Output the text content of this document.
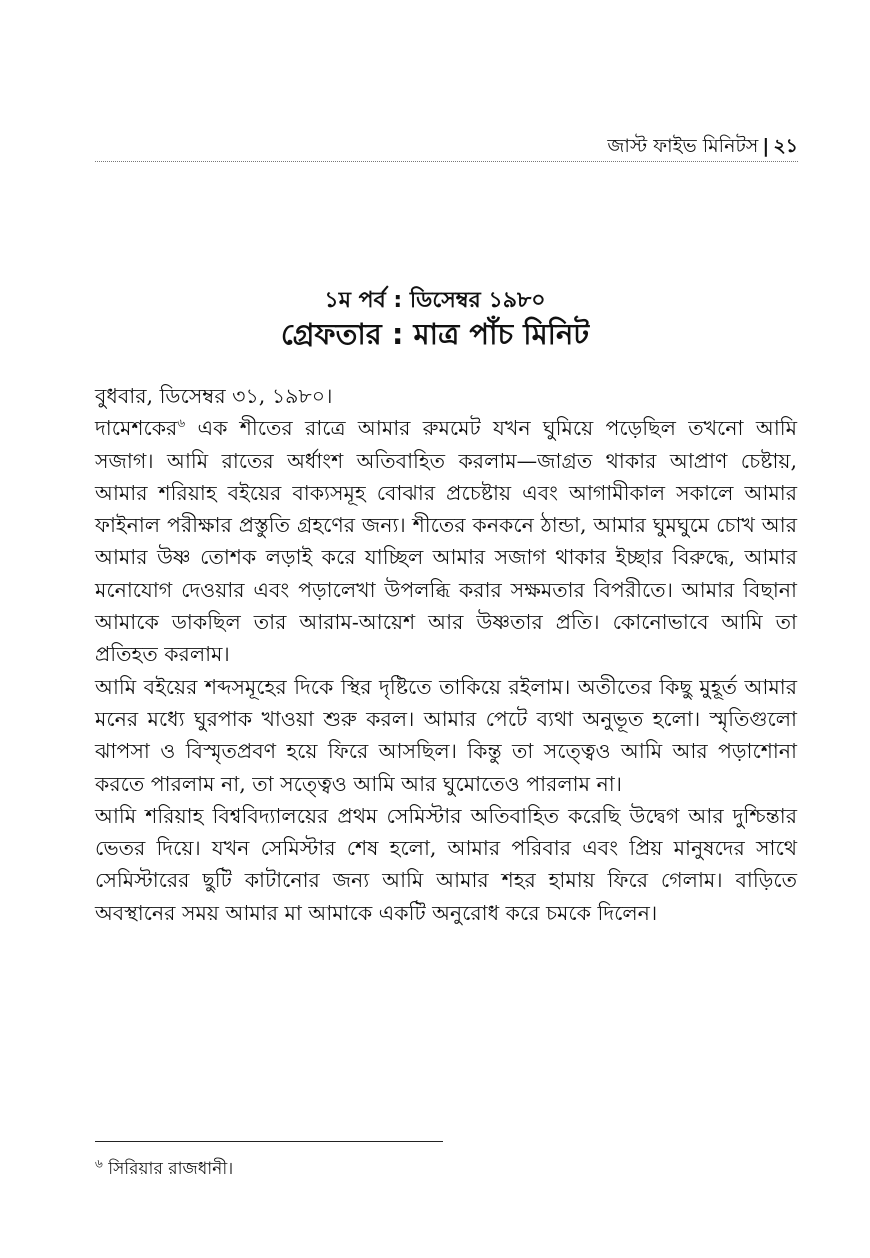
জাস্ট ফাইভ মিনিটস | ২১
১ম পর্ব : ডিসেম্বর ১৯৮০
গ্রেফতার : মাত্র পাঁচ মিনিট

বুধবার, ডিসেম্বর ৩১, ১৯৮০।

দামেশকের$^৬$ এক শীতের রাত্রে আমার রুমমেট যখন ঘুমিয়ে পড়েছিল তখনো আমি সজাগ। আমি রাতের অর্ধাংশ অতিবাহিত করলাম—জাগ্রত থাকার আপ্রাণ চেষ্টায়, আমার শরিয়াহ বইয়ের বাক্যসমূহ বোঝার প্রচেষ্টায় এবং আগামীকাল সকালে আমার ফাইনাল পরীক্ষার প্রস্তুতি গ্রহণের জন্য। শীতের কনকনে ঠান্ডা, আমার ঘুমঘুমে চোখ আর আমার উষ্ণ তোশক লড়াই করে যাচ্ছিল আমার সজাগ থাকার ইচ্ছার বিরুদ্ধে, আমার মনোযোগ দেওয়ার এবং পড়ালেখা উপলব্ধি করার সক্ষমতার বিপরীতে। আমার বিছানা আমাকে ডাকছিল তার আরাম-আয়েশ আর উষ্ণতার প্রতি। কোনোভাবে আমি তা প্রতিহত করলাম।

আমি বইয়ের শব্দসমূহের দিকে স্থির দৃষ্টিতে তাকিয়ে রইলাম। অতীতের কিছু মুহূর্ত আমার মনের মধ্যে ঘুরপাক খাওয়া শুরু করল। আমার পেটে ব্যথা অনুভূত হলো। স্মৃতিগুলো ঝাপসা ও বিস্মৃতপ্রবণ হয়ে ফিরে আসছিল। কিন্তু তা সত্ত্বেও আমি আর পড়াশোনা করতে পারলাম না, তা সত্ত্বেও আমি আর ঘুমোতেও পারলাম না।

আমি শরিয়াহ বিশ্ববিদ্যালয়ের প্রথম সেমিস্টার অতিবাহিত করেছি উদ্বেগ আর দুশ্চিন্তার ভেতর দিয়ে। যখন সেমিস্টার শেষ হলো, আমার পরিবার এবং প্রিয় মানুষদের সাথে সেমিস্টারের ছুটি কাটানোর জন্য আমি আমার শহর হামায় ফিরে গেলাম। বাড়িতে অবস্থানের সময় আমার মা আমাকে একটি অনুরোধ করে চমকে দিলেন।

$^৬$ সিরিয়ার রাজধানী।
